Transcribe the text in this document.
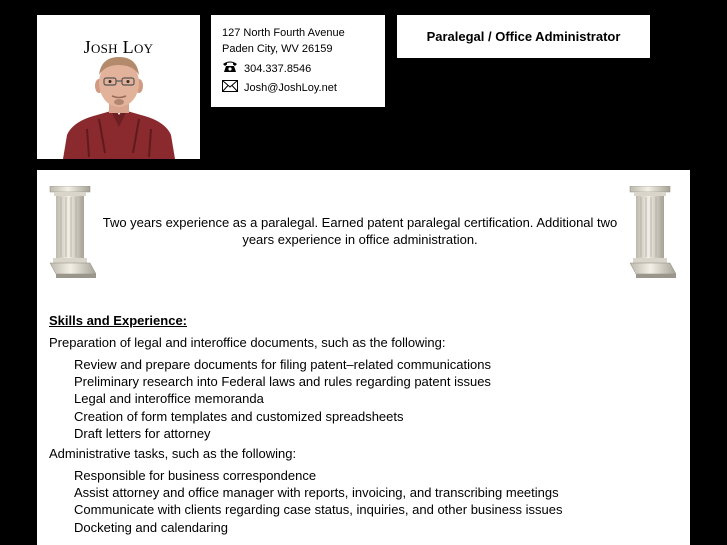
Josh Loy
127 North Fourth Avenue
Paden City, WV 26159
304.337.8546
Josh@JoshLoy.net
Paralegal / Office Administrator
Two years experience as a paralegal. Earned patent paralegal certification. Additional two years experience in office administration.
Skills and Experience:
Preparation of legal and interoffice documents, such as the following:
Review and prepare documents for filing patent–related communications
Preliminary research into Federal laws and rules regarding patent issues
Legal and interoffice memoranda
Creation of form templates and customized spreadsheets
Draft letters for attorney
Administrative tasks, such as the following:
Responsible for business correspondence
Assist attorney and office manager with reports, invoicing, and transcribing meetings
Communicate with clients regarding case status, inquiries, and other business issues
Docketing and calendaring
